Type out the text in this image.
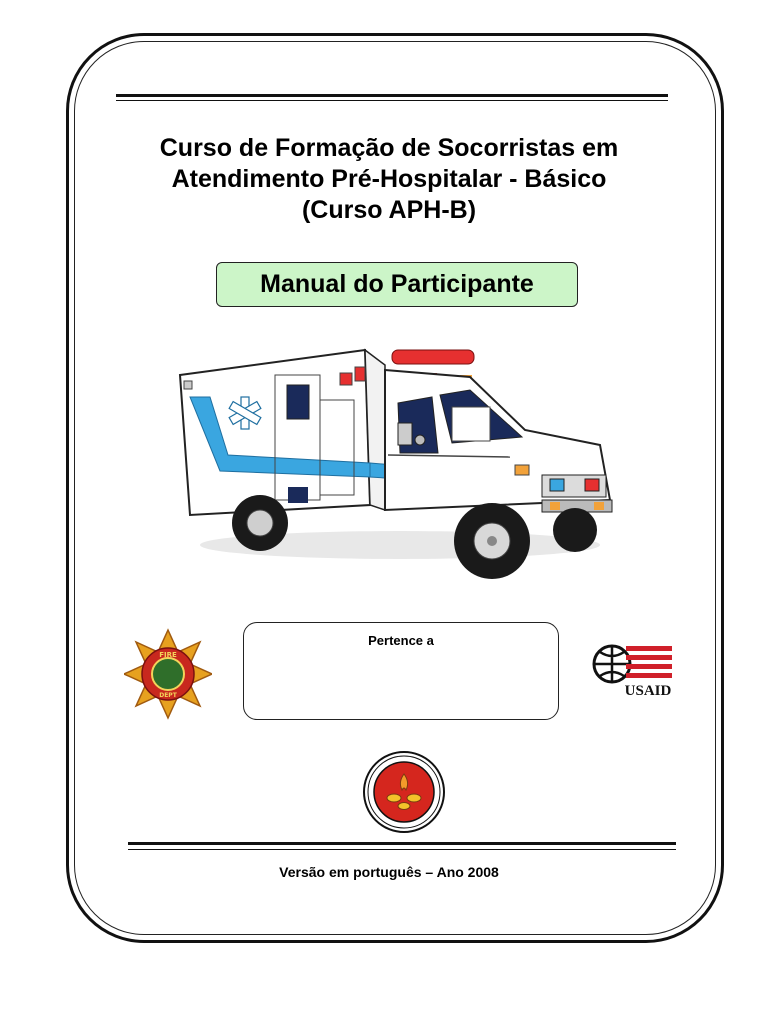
Curso de Formação de Socorristas em
Atendimento Pré-Hospitalar - Básico
(Curso APH-B)
Manual do Participante
FIRE
DEPT
Pertence a
USAID
Versão em português – Ano 2008
